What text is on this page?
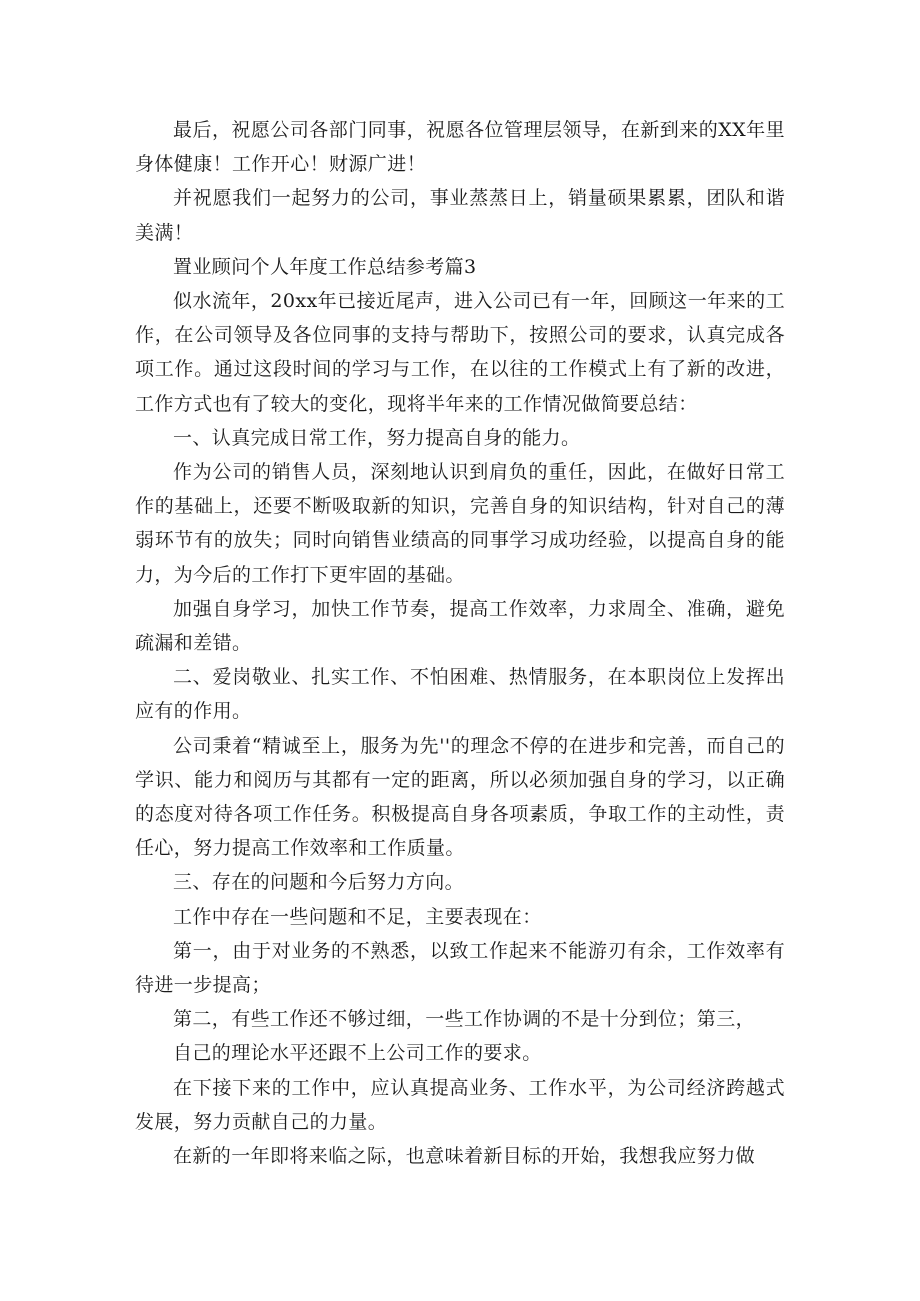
最后，祝愿公司各部门同事，祝愿各位管理层领导，在新到来的XX年里身体健康！工作开心！财源广进！

并祝愿我们一起努力的公司，事业蒸蒸日上，销量硕果累累，团队和谐美满！

置业顾问个人年度工作总结参考篇3

似水流年，20xx年已接近尾声，进入公司已有一年，回顾这一年来的工作，在公司领导及各位同事的支持与帮助下，按照公司的要求，认真完成各项工作。通过这段时间的学习与工作，在以往的工作模式上有了新的改进，工作方式也有了较大的变化，现将半年来的工作情况做简要总结：

一、认真完成日常工作，努力提高自身的能力。

作为公司的销售人员，深刻地认识到肩负的重任，因此，在做好日常工作的基础上，还要不断吸取新的知识，完善自身的知识结构，针对自己的薄弱环节有的放失；同时向销售业绩高的同事学习成功经验，以提高自身的能力，为今后的工作打下更牢固的基础。

加强自身学习，加快工作节奏，提高工作效率，力求周全、准确，避免疏漏和差错。

二、爱岗敬业、扎实工作、不怕困难、热情服务，在本职岗位上发挥出应有的作用。

公司秉着“精诚至上，服务为先''的理念不停的在进步和完善，而自己的学识、能力和阅历与其都有一定的距离，所以必须加强自身的学习，以正确的态度对待各项工作任务。积极提高自身各项素质，争取工作的主动性，责任心，努力提高工作效率和工作质量。

三、存在的问题和今后努力方向。

工作中存在一些问题和不足，主要表现在：

第一，由于对业务的不熟悉，以致工作起来不能游刃有余，工作效率有待进一步提高；

第二，有些工作还不够过细，一些工作协调的不是十分到位；第三，

自己的理论水平还跟不上公司工作的要求。

在下接下来的工作中，应认真提高业务、工作水平，为公司经济跨越式发展，努力贡献自己的力量。

在新的一年即将来临之际，也意味着新目标的开始，我想我应努力做
